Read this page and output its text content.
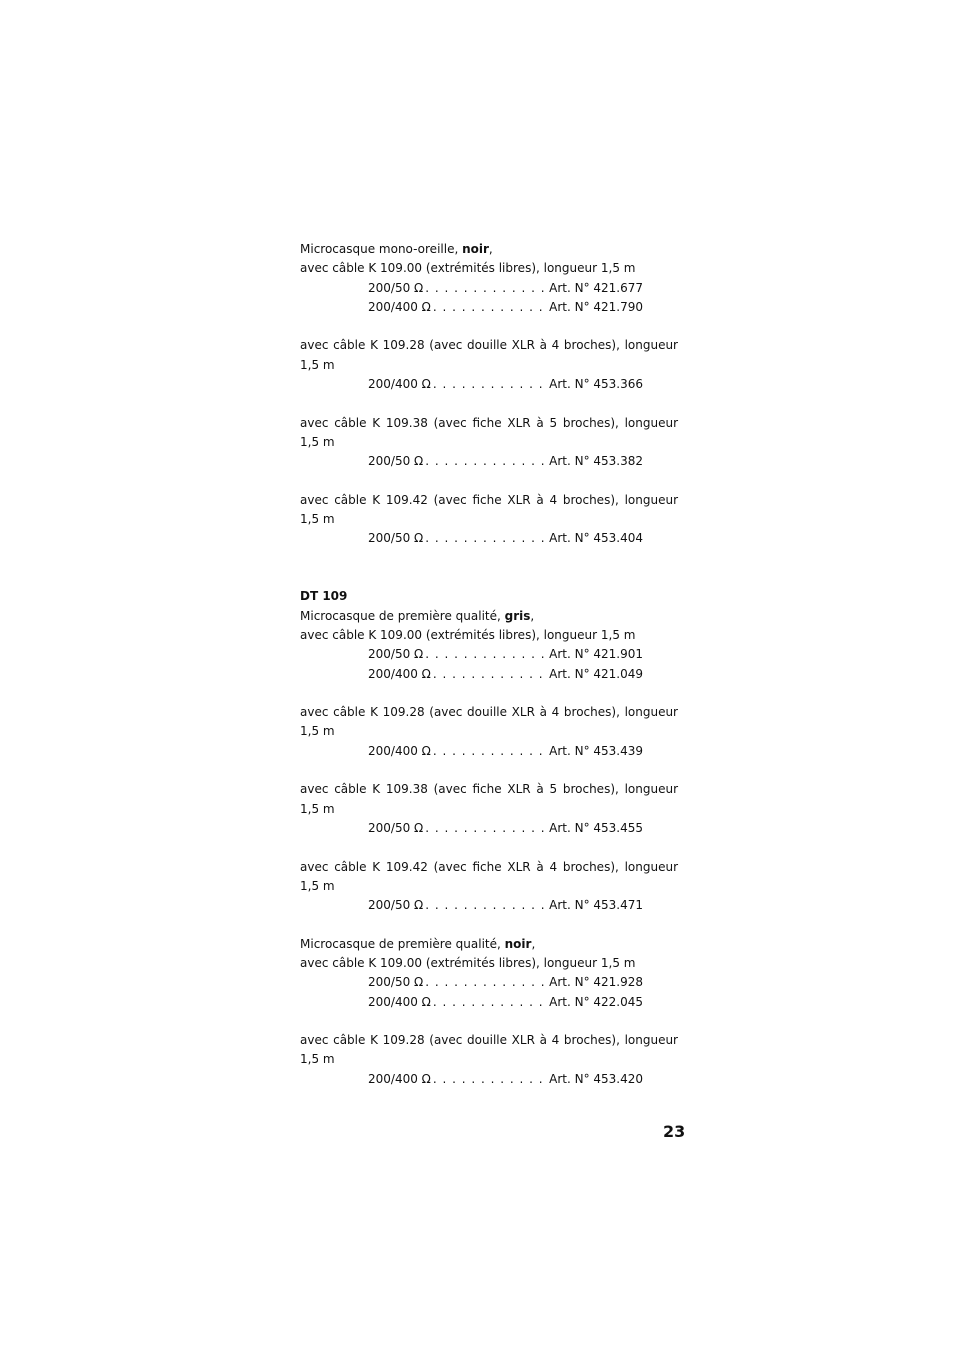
Microcasque mono-oreille, noir,

avec câble K 109.00 (extrémités libres), longueur 1,5 m

200/50 Ω . . .	Art. N° 421.677
200/400 Ω . . .	Art. N° 421.790

avec câble K 109.28 (avec douille XLR à 4 broches), longueur 1,5 m

200/400 Ω . . .	Art. N° 453.366

avec câble K 109.38 (avec fiche XLR à 5 broches), longueur 1,5 m

200/50 Ω . . .	Art. N° 453.382

avec câble K 109.42 (avec fiche XLR à 4 broches), longueur 1,5 m

200/50 Ω . . .	Art. N° 453.404

DT 109

Microcasque de première qualité, gris,

avec câble K 109.00 (extrémités libres), longueur 1,5 m

200/50 Ω . . .	Art. N° 421.901
200/400 Ω . . .	Art. N° 421.049

avec câble K 109.28 (avec douille XLR à 4 broches), longueur 1,5 m

200/400 Ω . . .	Art. N° 453.439

avec câble K 109.38 (avec fiche XLR à 5 broches), longueur 1,5 m

200/50 Ω . . .	Art. N° 453.455

avec câble K 109.42 (avec fiche XLR à 4 broches), longueur 1,5 m

200/50 Ω . . .	Art. N° 453.471

Microcasque de première qualité, noir,

avec câble K 109.00 (extrémités libres), longueur 1,5 m

200/50 Ω . . .	Art. N° 421.928
200/400 Ω . . .	Art. N° 422.045

avec câble K 109.28 (avec douille XLR à 4 broches), longueur 1,5 m

200/400 Ω . . .	Art. N° 453.420
23
